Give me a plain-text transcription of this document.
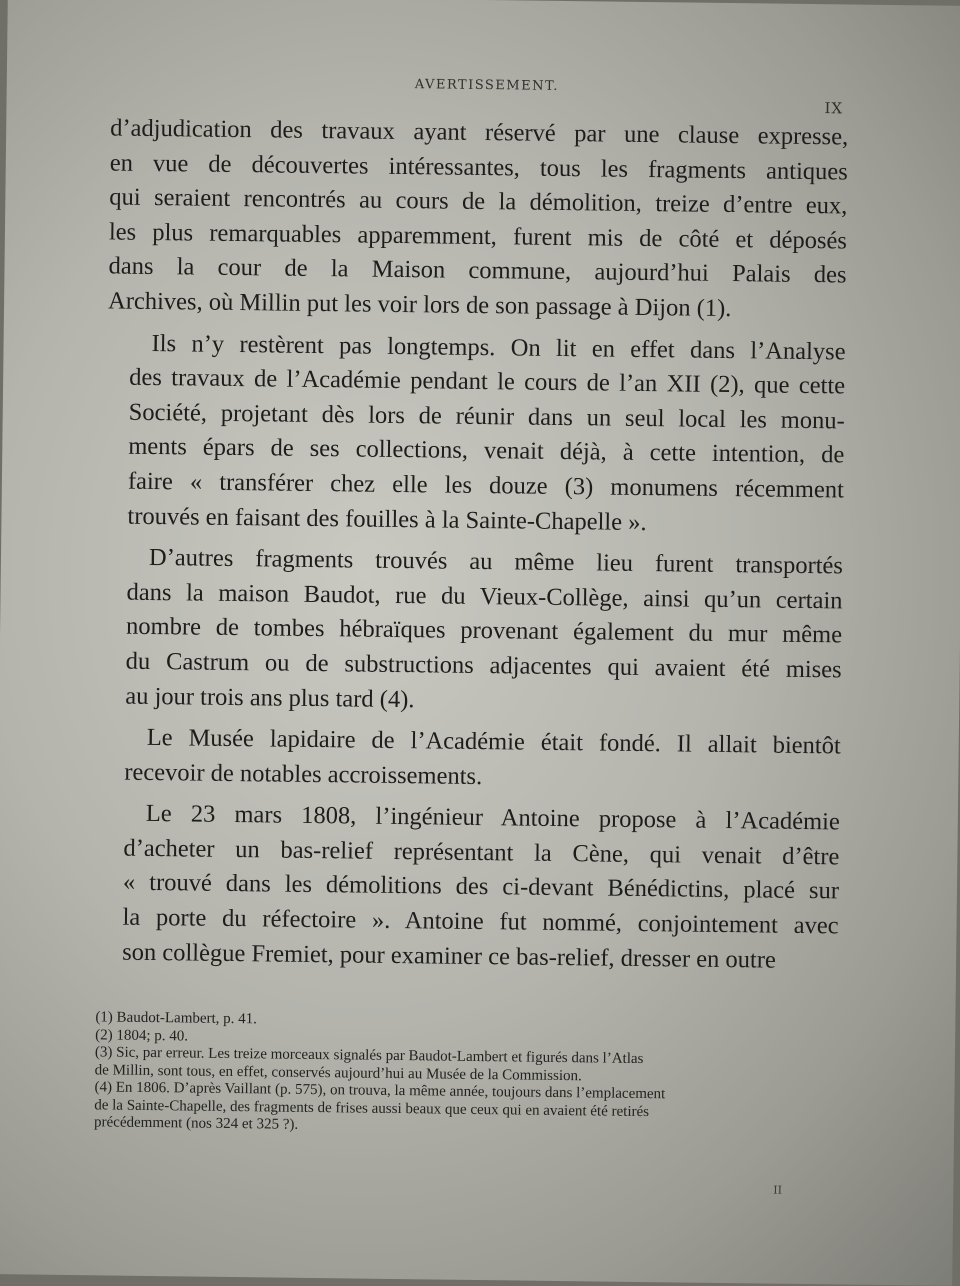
AVERTISSEMENT.
IX

d’adjudication des travaux ayant réservé par une clause expresse,
en vue de découvertes intéressantes, tous les fragments antiques
qui seraient rencontrés au cours de la démolition, treize d’entre eux,
les plus remarquables apparemment, furent mis de côté et déposés
dans la cour de la Maison commune, aujourd’hui Palais des
Archives, où Millin put les voir lors de son passage à Dijon (1).

Ils n’y restèrent pas longtemps. On lit en effet dans l’Analyse
des travaux de l’Académie pendant le cours de l’an XII (2), que cette
Société, projetant dès lors de réunir dans un seul local les monu-
ments épars de ses collections, venait déjà, à cette intention, de
faire « transférer chez elle les douze (3) monumens récemment
trouvés en faisant des fouilles à la Sainte-Chapelle ».

D’autres fragments trouvés au même lieu furent transportés
dans la maison Baudot, rue du Vieux-Collège, ainsi qu’un certain
nombre de tombes hébraïques provenant également du mur même
du Castrum ou de substructions adjacentes qui avaient été mises
au jour trois ans plus tard (4).

Le Musée lapidaire de l’Académie était fondé. Il allait bientôt
recevoir de notables accroissements.

Le 23 mars 1808, l’ingénieur Antoine propose à l’Académie
d’acheter un bas-relief représentant la Cène, qui venait d’être
« trouvé dans les démolitions des ci-devant Bénédictins, placé sur
la porte du réfectoire ». Antoine fut nommé, conjointement avec
son collègue Fremiet, pour examiner ce bas-relief, dresser en outre

(1) Baudot-Lambert, p. 41.
(2) 1804; p. 40.
(3) Sic, par erreur. Les treize morceaux signalés par Baudot-Lambert et figurés dans l’Atlas
de Millin, sont tous, en effet, conservés aujourd’hui au Musée de la Commission.
(4) En 1806. D’après Vaillant (p. 575), on trouva, la même année, toujours dans l’emplacement
de la Sainte-Chapelle, des fragments de frises aussi beaux que ceux qui en avaient été retirés
précédemment (nos 324 et 325 ?).
II
